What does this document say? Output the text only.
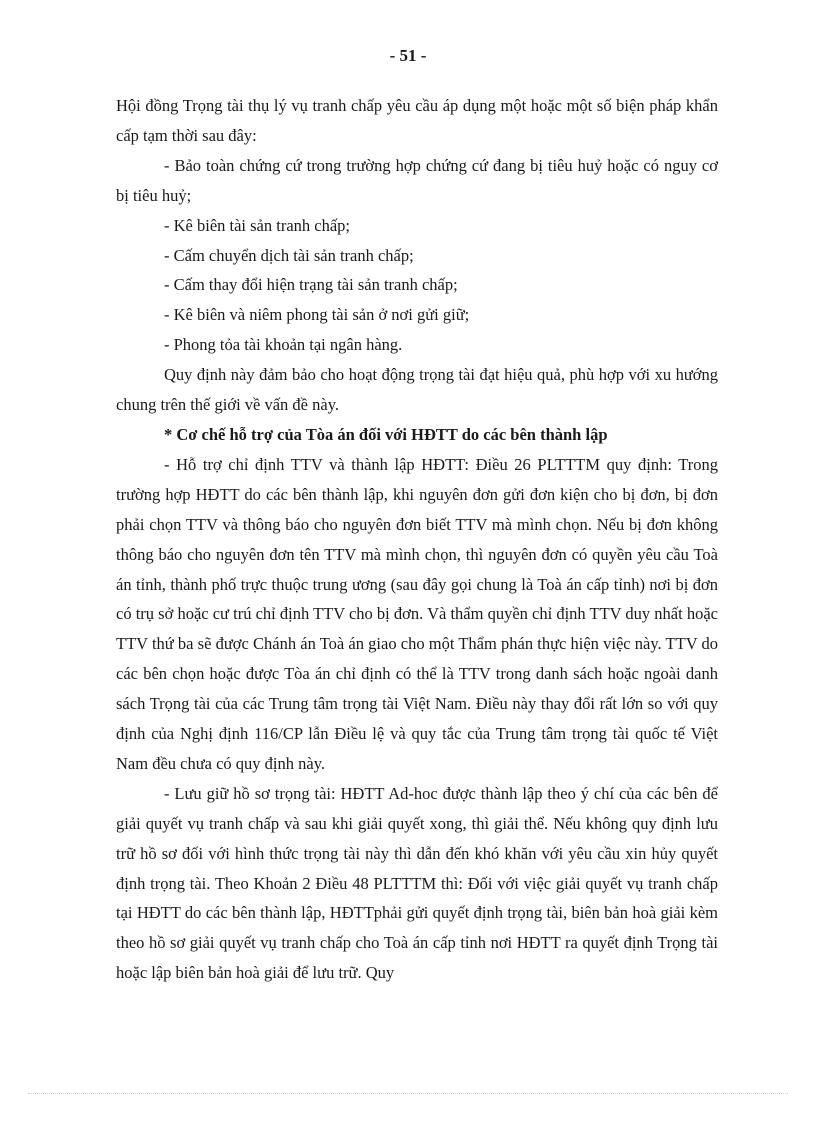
- 51 -

Hội đồng Trọng tài thụ lý vụ tranh chấp yêu cầu áp dụng một hoặc một số biện pháp khẩn cấp tạm thời sau đây:

- Bảo toàn chứng cứ trong trường hợp chứng cứ đang bị tiêu huỷ hoặc có nguy cơ bị tiêu huỷ;

- Kê biên tài sản tranh chấp;

- Cấm chuyển dịch tài sản tranh chấp;

- Cấm thay đổi hiện trạng tài sản tranh chấp;

- Kê biên và niêm phong tài sản ở nơi gửi giữ;

- Phong tỏa tài khoản tại ngân hàng.

Quy định này đảm bảo cho hoạt động trọng tài đạt hiệu quả, phù hợp với xu hướng chung trên thế giới về vấn đề này.

* Cơ chế hỗ trợ của Tòa án đối với HĐTT do các bên thành lập

- Hỗ trợ chỉ định TTV và thành lập HĐTT: Điều 26 PLTTTM quy định: Trong trường hợp HĐTT do các bên thành lập, khi nguyên đơn gửi đơn kiện cho bị đơn, bị đơn phải chọn TTV và thông báo cho nguyên đơn biết TTV mà mình chọn. Nếu bị đơn không thông báo cho nguyên đơn tên TTV mà mình chọn, thì nguyên đơn có quyền yêu cầu Toà án tỉnh, thành phố trực thuộc trung ương (sau đây gọi chung là Toà án cấp tỉnh) nơi bị đơn có trụ sở hoặc cư trú chỉ định TTV cho bị đơn. Và thẩm quyền chỉ định TTV duy nhất hoặc TTV thứ ba sẽ được Chánh án Toà án giao cho một Thẩm phán thực hiện việc này. TTV do các bên chọn hoặc được Tòa án chỉ định có thể là TTV trong danh sách hoặc ngoài danh sách Trọng tài của các Trung tâm trọng tài Việt Nam. Điều này thay đổi rất lớn so với quy định của Nghị định 116/CP lẫn Điều lệ và quy tắc của Trung tâm trọng tài quốc tế Việt Nam đều chưa có quy định này.

- Lưu giữ hồ sơ trọng tài: HĐTT Ad-hoc được thành lập theo ý chí của các bên để giải quyết vụ tranh chấp và sau khi giải quyết xong, thì giải thể. Nếu không quy định lưu trữ hồ sơ đối với hình thức trọng tài này thì dẫn đến khó khăn với yêu cầu xin hủy quyết định trọng tài. Theo Khoản 2 Điều 48 PLTTTM thì: Đối với việc giải quyết vụ tranh chấp tại HĐTT do các bên thành lập, HĐTTphải gửi quyết định trọng tài, biên bản hoà giải kèm theo hồ sơ giải quyết vụ tranh chấp cho Toà án cấp tỉnh nơi HĐTT ra quyết định Trọng tài hoặc lập biên bản hoà giải để lưu trữ. Quy
